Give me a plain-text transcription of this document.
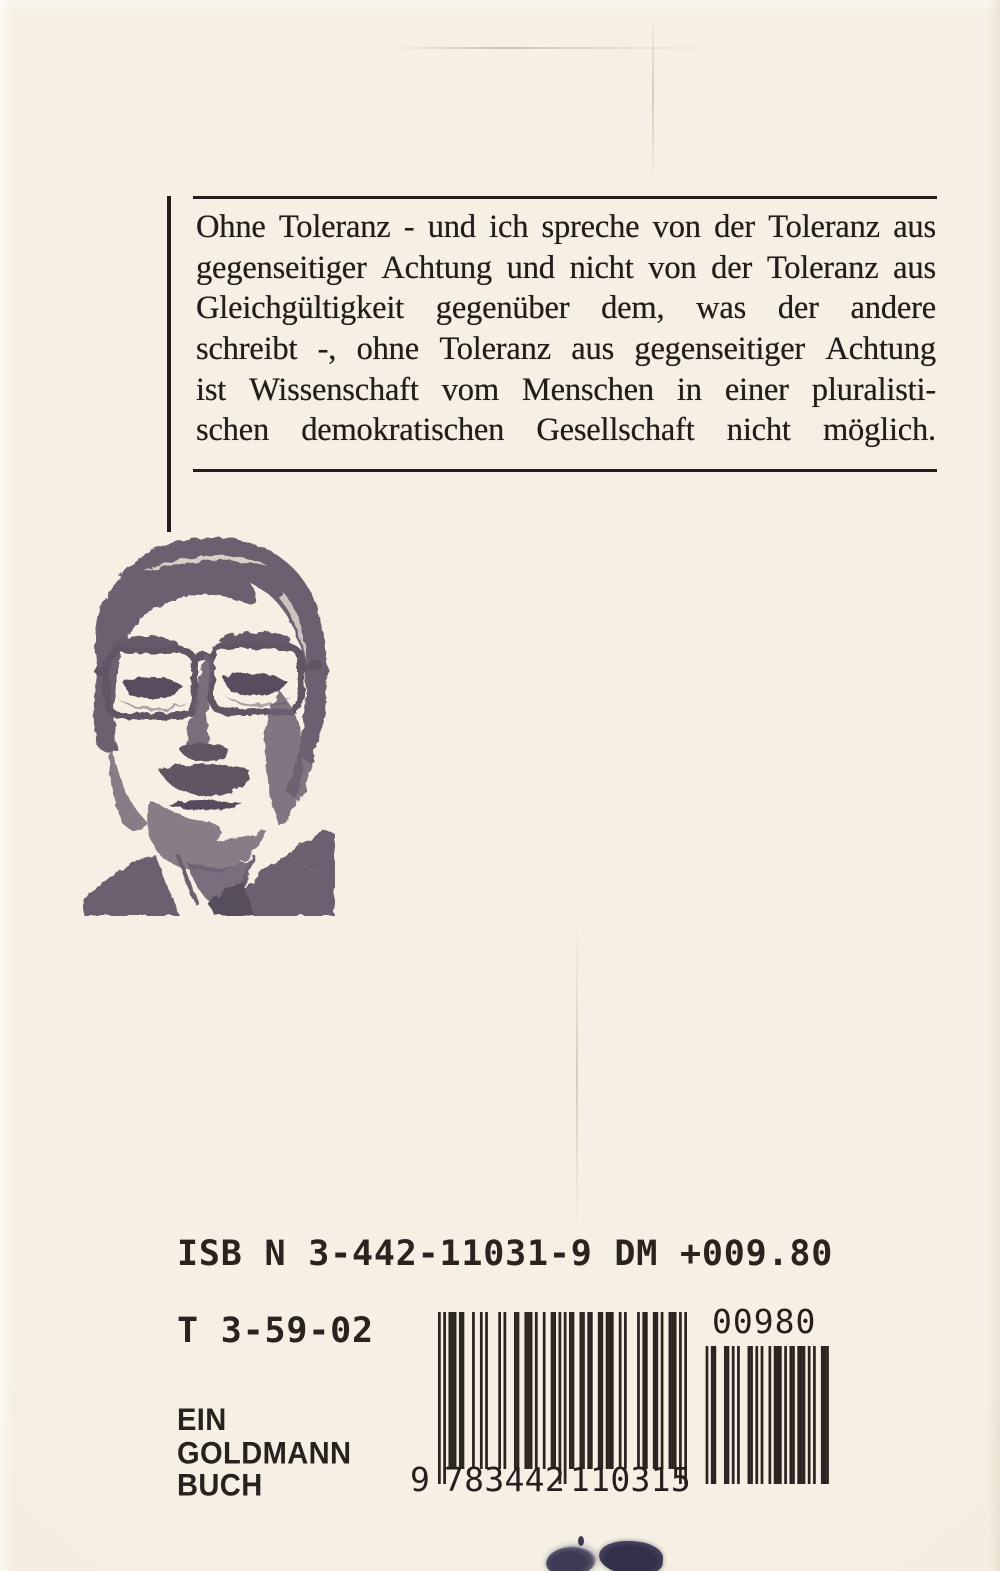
Ohne Toleranz - und ich spreche von der Toleranz aus
gegenseitiger Achtung und nicht von der Toleranz aus
Gleichgültigkeit gegenüber dem, was der andere
schreibt -, ohne Toleranz aus gegenseitiger Achtung
ist Wissenschaft vom Menschen in einer pluralisti-
schen demokratischen Gesellschaft nicht möglich.
ISB N 3-442-11031-9 DM +009.80
T 3-59-02
EIN
GOLDMANN
BUCH
00980
9 783442 110315
